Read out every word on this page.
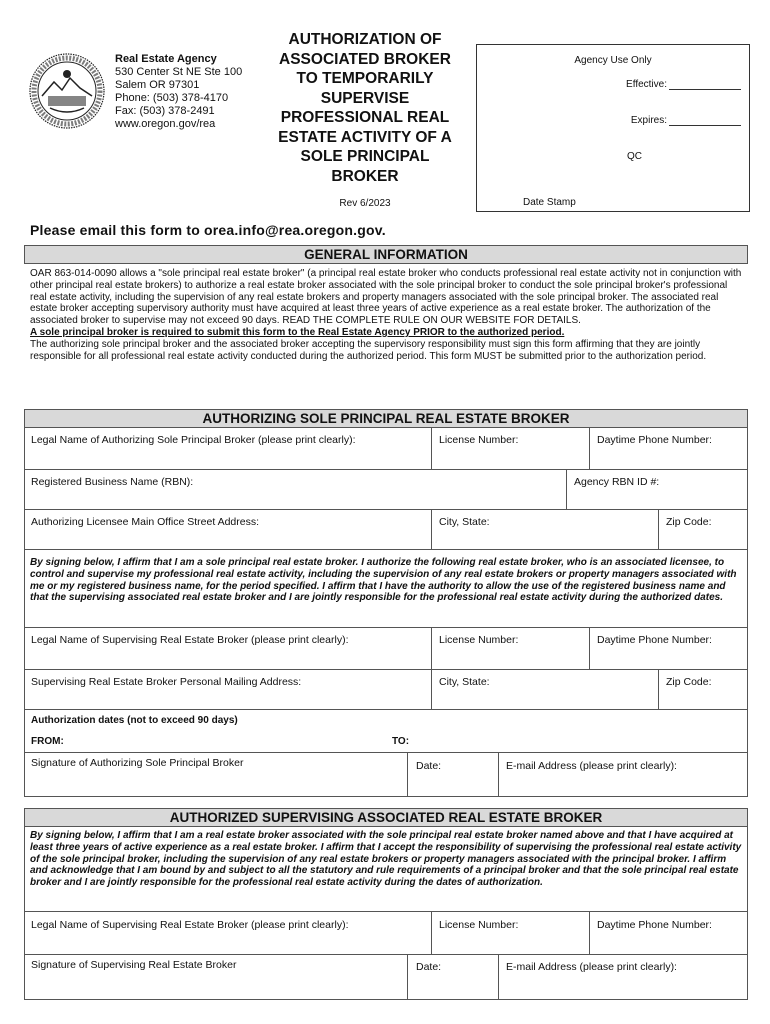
Real Estate Agency
530 Center St NE Ste 100
Salem OR 97301
Phone: (503) 378-4170
Fax: (503) 378-2491
www.oregon.gov/rea
AUTHORIZATION OF
ASSOCIATED BROKER
TO TEMPORARILY
SUPERVISE
PROFESSIONAL REAL
ESTATE ACTIVITY OF A
SOLE PRINCIPAL
BROKER
Rev 6/2023
Agency Use Only
Effective:
Expires:
QC
Date Stamp
Please email this form to orea.info@rea.oregon.gov.
GENERAL INFORMATION
OAR 863-014-0090 allows a "sole principal real estate broker" (a principal real estate broker who conducts professional real estate activity not in conjunction with other principal real estate brokers) to authorize a real estate broker associated with the sole principal broker to conduct the sole principal broker's professional real estate activity, including the supervision of any real estate brokers and property managers associated with the sole principal broker. The associated real estate broker accepting supervisory authority must have acquired at least three years of active experience as a real estate broker. The authorization of the associated broker to supervise may not exceed 90 days. READ THE COMPLETE RULE ON OUR WEBSITE FOR DETAILS.
A sole principal broker is required to submit this form to the Real Estate Agency PRIOR to the authorized period.
The authorizing sole principal broker and the associated broker accepting the supervisory responsibility must sign this form affirming that they are jointly responsible for all professional real estate activity conducted during the authorized period. This form MUST be submitted prior to the authorization period.
AUTHORIZING SOLE PRINCIPAL REAL ESTATE BROKER
Legal Name of Authorizing Sole Principal Broker (please print clearly):	License Number:	Daytime Phone Number:
Registered Business Name (RBN):	Agency RBN ID #:
Authorizing Licensee Main Office Street Address:	City, State:	Zip Code:
By signing below, I affirm that I am a sole principal real estate broker. I authorize the following real estate broker, who is an associated licensee, to control and supervise my professional real estate activity, including the supervision of any real estate brokers or property managers associated with me or my registered business name, for the period specified. I affirm that I have the authority to allow the use of the registered business name and that the supervising associated real estate broker and I are jointly responsible for the professional real estate activity during the authorized dates.
Legal Name of Supervising Real Estate Broker (please print clearly):	License Number:	Daytime Phone Number:
Supervising Real Estate Broker Personal Mailing Address:	City, State:	Zip Code:
Authorization dates (not to exceed 90 days)
FROM:	TO:
Signature of Authorizing Sole Principal Broker	Date:	E-mail Address (please print clearly):
AUTHORIZED SUPERVISING ASSOCIATED REAL ESTATE BROKER
By signing below, I affirm that I am a real estate broker associated with the sole principal real estate broker named above and that I have acquired at least three years of active experience as a real estate broker. I affirm that I accept the responsibility of supervising the professional real estate activity of the sole principal broker, including the supervision of any real estate brokers or property managers associated with the principal broker. I affirm and acknowledge that I am bound by and subject to all the statutory and rule requirements of a principal broker and that the sole principal real estate broker and I are jointly responsible for the professional real estate activity during the dates of authorization.
Legal Name of Supervising Real Estate Broker (please print clearly):	License Number:	Daytime Phone Number:
Signature of Supervising Real Estate Broker	Date:	E-mail Address (please print clearly):
